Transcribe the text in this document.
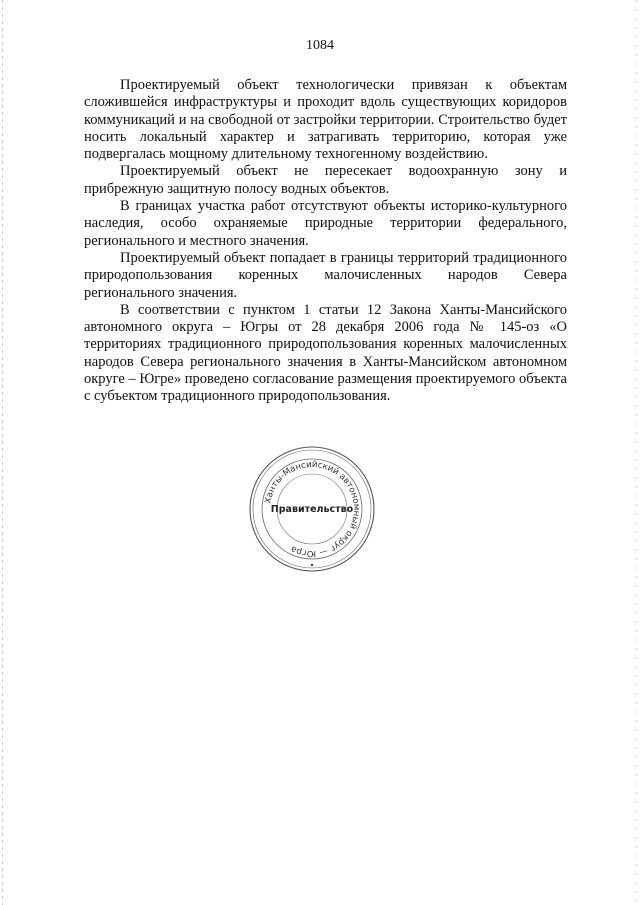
1084

Проектируемый объект технологически привязан к объектам сложившейся инфраструктуры и проходит вдоль существующих коридоров коммуникаций и на свободной от застройки территории. Строительство будет носить локальный характер и затрагивать территорию, которая уже подвергалась мощному длительному техногенному воздействию.

Проектируемый объект не пересекает водоохранную зону и прибрежную защитную полосу водных объектов.

В границах участка работ отсутствуют объекты историко-культурного наследия, особо охраняемые природные территории федерального, регионального и местного значения.

Проектируемый объект попадает в границы территорий традиционного природопользования коренных малочисленных народов Севера регионального значения.

В соответствии с пунктом 1 статьи 12 Закона Ханты-Мансийского автономного округа – Югры от 28 декабря 2006 года № 145-оз «О территориях традиционного природопользования коренных малочисленных народов Севера регионального значения в Ханты-Мансийском автономном округе – Югре» проведено согласование размещения проектируемого объекта с субъектом традиционного природопользования.

Ханты-Мансийский автономный округ — Югра
Правительство
